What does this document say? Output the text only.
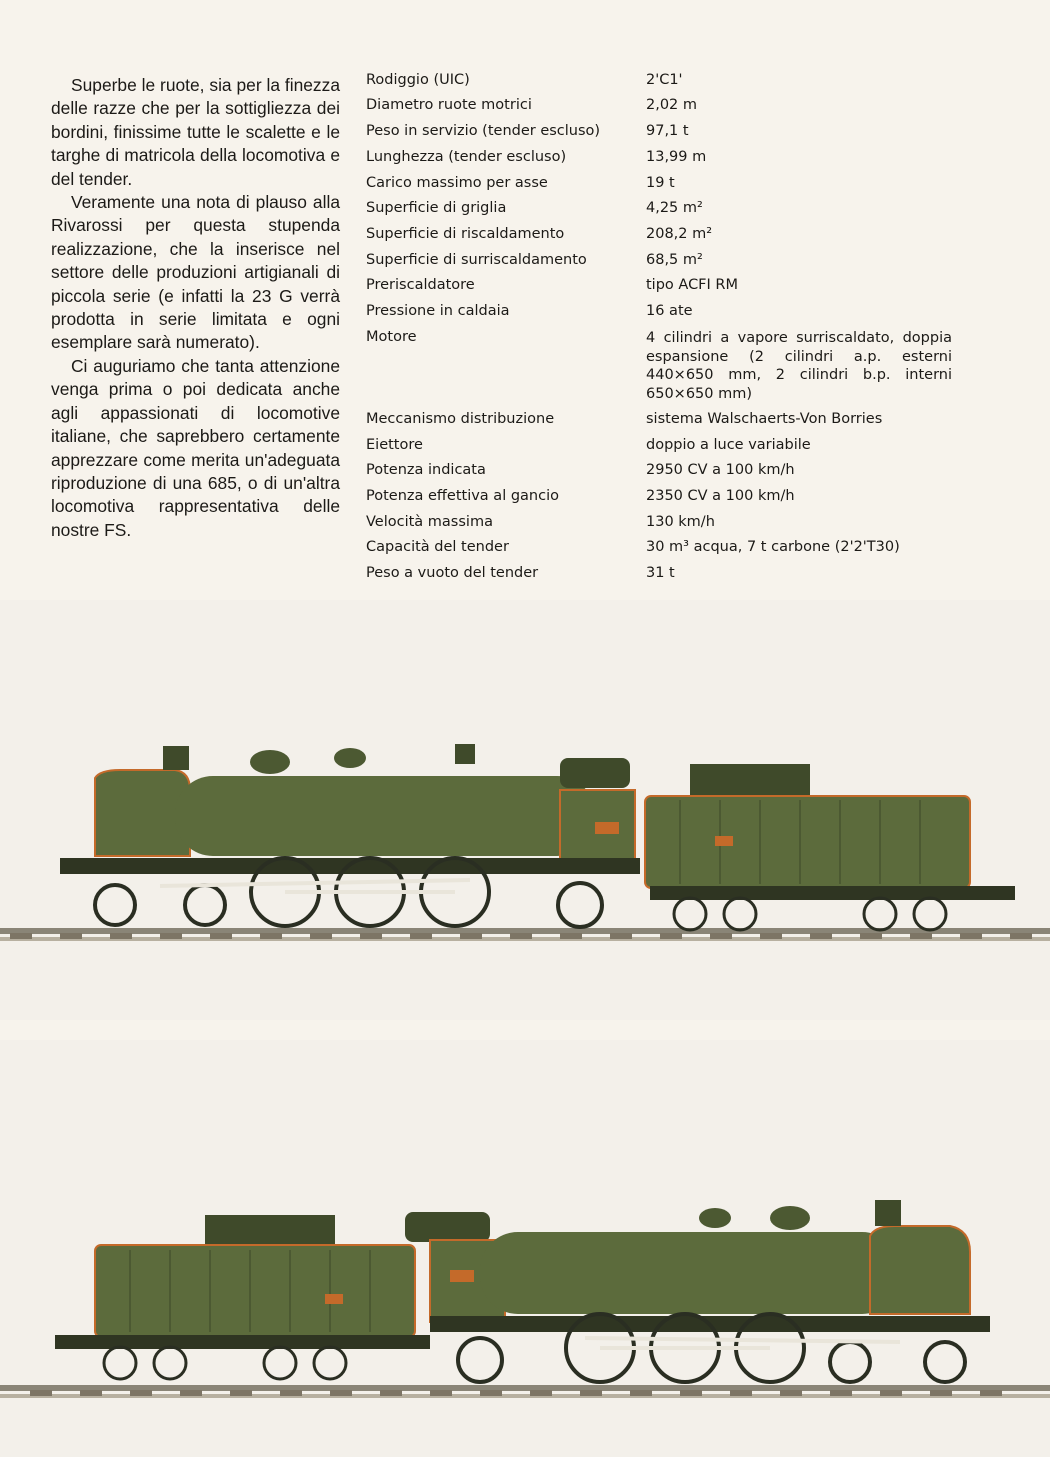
Superbe le ruote, sia per la finezza delle razze che per la sottigliezza dei bordini, finissime tutte le scalette e le targhe di matricola della locomotiva e del tender.

Veramente una nota di plauso alla Rivarossi per questa stupenda realizzazione, che la inserisce nel settore delle produzioni artigianali di piccola serie (e infatti la 23 G verrà prodotta in serie limitata e ogni esemplare sarà numerato).

Ci auguriamo che tanta attenzione venga prima o poi dedicata anche agli appassionati di locomotive italiane, che saprebbero certamente apprezzare come merita un'adeguata riproduzione di una 685, o di un'altra locomotiva rappresentativa delle nostre FS.

Rodiggio (UIC)	2'C1'
Diametro ruote motrici	2,02 m
Peso in servizio (tender escluso)	97,1 t
Lunghezza (tender escluso)	13,99 m
Carico massimo per asse	19 t
Superficie di griglia	4,25 m²
Superficie di riscaldamento	208,2 m²
Superficie di surriscaldamento	68,5 m²
Preriscaldatore	tipo ACFI RM
Pressione in caldaia	16 ate
Motore	4 cilindri a vapore surriscaldato, doppia espansione (2 cilindri a.p. esterni 440×650 mm, 2 cilindri b.p. interni 650×650 mm)
Meccanismo distribuzione	sistema Walschaerts-Von Borries
Eiettore	doppio a luce variabile
Potenza indicata	2950 CV a 100 km/h
Potenza effettiva al gancio	2350 CV a 100 km/h
Velocità massima	130 km/h
Capacità del tender	30 m³ acqua, 7 t carbone (2'2'T30)
Peso a vuoto del tender	31 t
